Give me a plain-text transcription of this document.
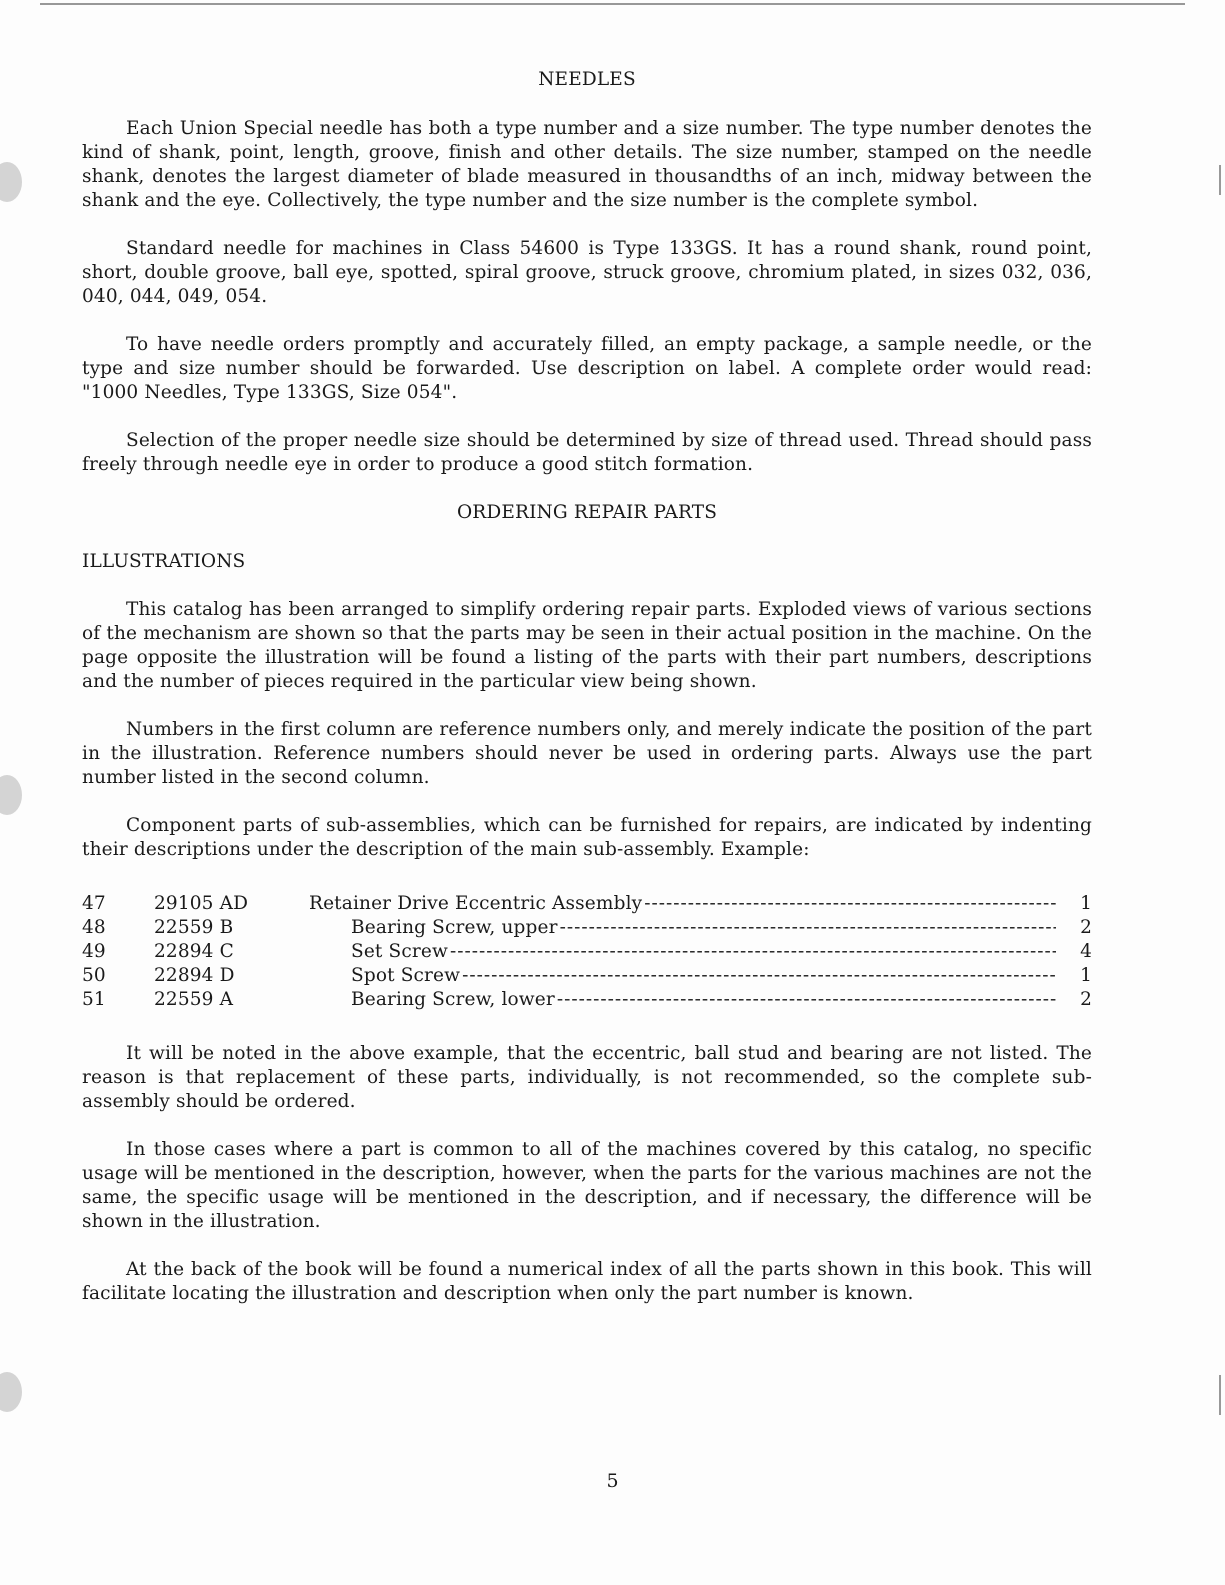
NEEDLES

Each Union Special needle has both a type number and a size number. The type number denotes the kind of shank, point, length, groove, finish and other details. The size number, stamped on the needle shank, denotes the largest diameter of blade measured in thousandths of an inch, midway between the shank and the eye. Collectively, the type number and the size number is the complete symbol.

Standard needle for machines in Class 54600 is Type 133GS. It has a round shank, round point, short, double groove, ball eye, spotted, spiral groove, struck groove, chromium plated, in sizes 032, 036, 040, 044, 049, 054.

To have needle orders promptly and accurately filled, an empty package, a sample needle, or the type and size number should be forwarded. Use description on label. A complete order would read: "1000 Needles, Type 133GS, Size 054".

Selection of the proper needle size should be determined by size of thread used. Thread should pass freely through needle eye in order to produce a good stitch formation.

ORDERING REPAIR PARTS
ILLUSTRATIONS

This catalog has been arranged to simplify ordering repair parts. Exploded views of various sections of the mechanism are shown so that the parts may be seen in their actual position in the machine. On the page opposite the illustration will be found a listing of the parts with their part numbers, descriptions and the number of pieces required in the particular view being shown.

Numbers in the first column are reference numbers only, and merely indicate the position of the part in the illustration. Reference numbers should never be used in ordering parts. Always use the part number listed in the second column.

Component parts of sub-assemblies, which can be furnished for repairs, are indicated by indenting their descriptions under the description of the main sub-assembly. Example:

47	29105 AD	Retainer Drive Eccentric Assembly -----	1
48	22559 B	Bearing Screw, upper -----	2
49	22894 C	Set Screw -----	4
50	22894 D	Spot Screw -----	1
51	22559 A	Bearing Screw, lower -----	2

It will be noted in the above example, that the eccentric, ball stud and bearing are not listed. The reason is that replacement of these parts, individually, is not recommended, so the complete sub-assembly should be ordered.

In those cases where a part is common to all of the machines covered by this catalog, no specific usage will be mentioned in the description, however, when the parts for the various machines are not the same, the specific usage will be mentioned in the description, and if necessary, the difference will be shown in the illustration.

At the back of the book will be found a numerical index of all the parts shown in this book. This will facilitate locating the illustration and description when only the part number is known.

5
